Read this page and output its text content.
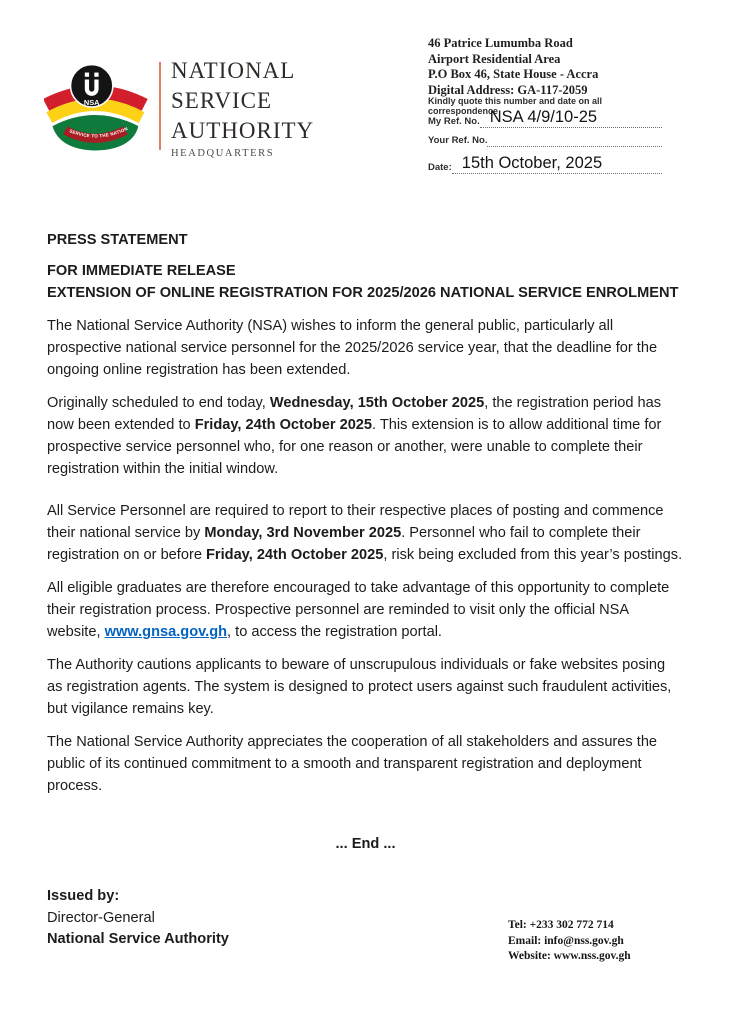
NSA
SERVICE TO THE NATION
NATIONAL
SERVICE
AUTHORITY
HEADQUARTERS
46 Patrice Lumumba Road
Airport Residential Area
P.O Box 46, State House - Accra
Digital Address: GA-117-2059
Kindly quote this number and date on all correspondence
My Ref. No. NSA 4/9/10-25
Your Ref. No.
Date: 15th October, 2025
PRESS STATEMENT
FOR IMMEDIATE RELEASE
EXTENSION OF ONLINE REGISTRATION FOR 2025/2026 NATIONAL SERVICE ENROLMENT
The National Service Authority (NSA) wishes to inform the general public, particularly all prospective national service personnel for the 2025/2026 service year, that the deadline for the ongoing online registration has been extended.
Originally scheduled to end today, Wednesday, 15th October 2025, the registration period has now been extended to Friday, 24th October 2025. This extension is to allow additional time for prospective service personnel who, for one reason or another, were unable to complete their registration within the initial window.
All Service Personnel are required to report to their respective places of posting and commence their national service by Monday, 3rd November 2025. Personnel who fail to complete their registration on or before Friday, 24th October 2025, risk being excluded from this year’s postings.
All eligible graduates are therefore encouraged to take advantage of this opportunity to complete their registration process. Prospective personnel are reminded to visit only the official NSA website, www.gnsa.gov.gh, to access the registration portal.
The Authority cautions applicants to beware of unscrupulous individuals or fake websites posing as registration agents. The system is designed to protect users against such fraudulent activities, but vigilance remains key.
The National Service Authority appreciates the cooperation of all stakeholders and assures the public of its continued commitment to a smooth and transparent registration and deployment process.
... End ...
Issued by:
Director-General
National Service Authority
Tel: +233 302 772 714
Email: info@nss.gov.gh
Website: www.nss.gov.gh
